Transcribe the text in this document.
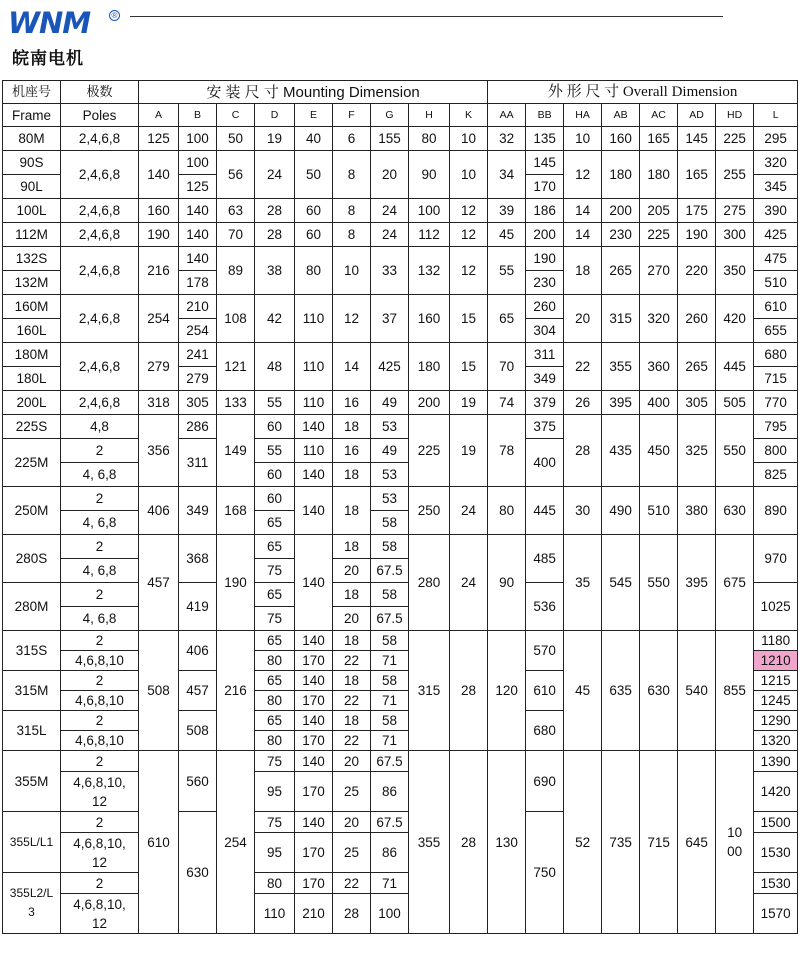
WNM	®
皖南电机
机座号	极数	安 装 尺 寸 Mounting Dimension									外 形 尺 寸 Overall Dimension							
Frame	Poles	A	B	C	D	E	F	G	H	K	AA	BB	HA	AB	AC	AD	HD	L
80M	2,4,6,8	125	100	50	19	40	6	155	80	10	32	135	10	160	165	145	225	295
90S	2,4,6,8	140	100	56	24	50	8	20	90	10	34	145	12	180	180	165	255	320
90L			125									170						345
100L	2,4,6,8	160	140	63	28	60	8	24	100	12	39	186	14	200	205	175	275	390
112M	2,4,6,8	190	140	70	28	60	8	24	112	12	45	200	14	230	225	190	300	425
132S	2,4,6,8	216	140	89	38	80	10	33	132	12	55	190	18	265	270	220	350	475
132M			178									230						510
160M	2,4,6,8	254	210	108	42	110	12	37	160	15	65	260	20	315	320	260	420	610
160L			254									304						655
180M	2,4,6,8	279	241	121	48	110	14	425	180	15	70	311	22	355	360	265	445	680
180L			279									349						715
200L	2,4,6,8	318	305	133	55	110	16	49	200	19	74	379	26	395	400	305	505	770
225S	4,8	356	286	149	60	140	18	53	225	19	78	375	28	435	450	325	550	795
225M	2		311		55	110	16	49				400						800
	4, 6,8				60	140	18	53										825
250M	2	406	349	168	60	140	18	53	250	24	80	445	30	490	510	380	630	890
	4, 6,8				65			58										
280S	2	457	368	190	65	140	18	58	280	24	90	485	35	545	550	395	675	970
	4, 6,8				75		20	67.5										
280M	2		419		65		18	58				536						1025
	4, 6,8				75		20	67.5										
315S	2	508	406	216	65	140	18	58	315	28	120	570	45	635	630	540	855	1180
	4,6,8,10				80	170	22	71										1210
315M	2		457		65	140	18	58				610						1215
	4,6,8,10				80	170	22	71										1245
315L	2		508		65	140	18	58				680						1290
	4,6,8,10				80	170	22	71										1320
355M	2	610	560	254	75	140	20	67.5	355	28	130	690	52	735	715	645	1000	1390
	4,6,8,10, 12				95	170	25	86										1420
355L/L1	2		630		75	140	20	67.5				750						1500
	4,6,8,10, 12				95	170	25	86										1530
355L2/L3	2				80	170	22	71										1530
	4,6,8,10, 12				110	210	28	100										1570
